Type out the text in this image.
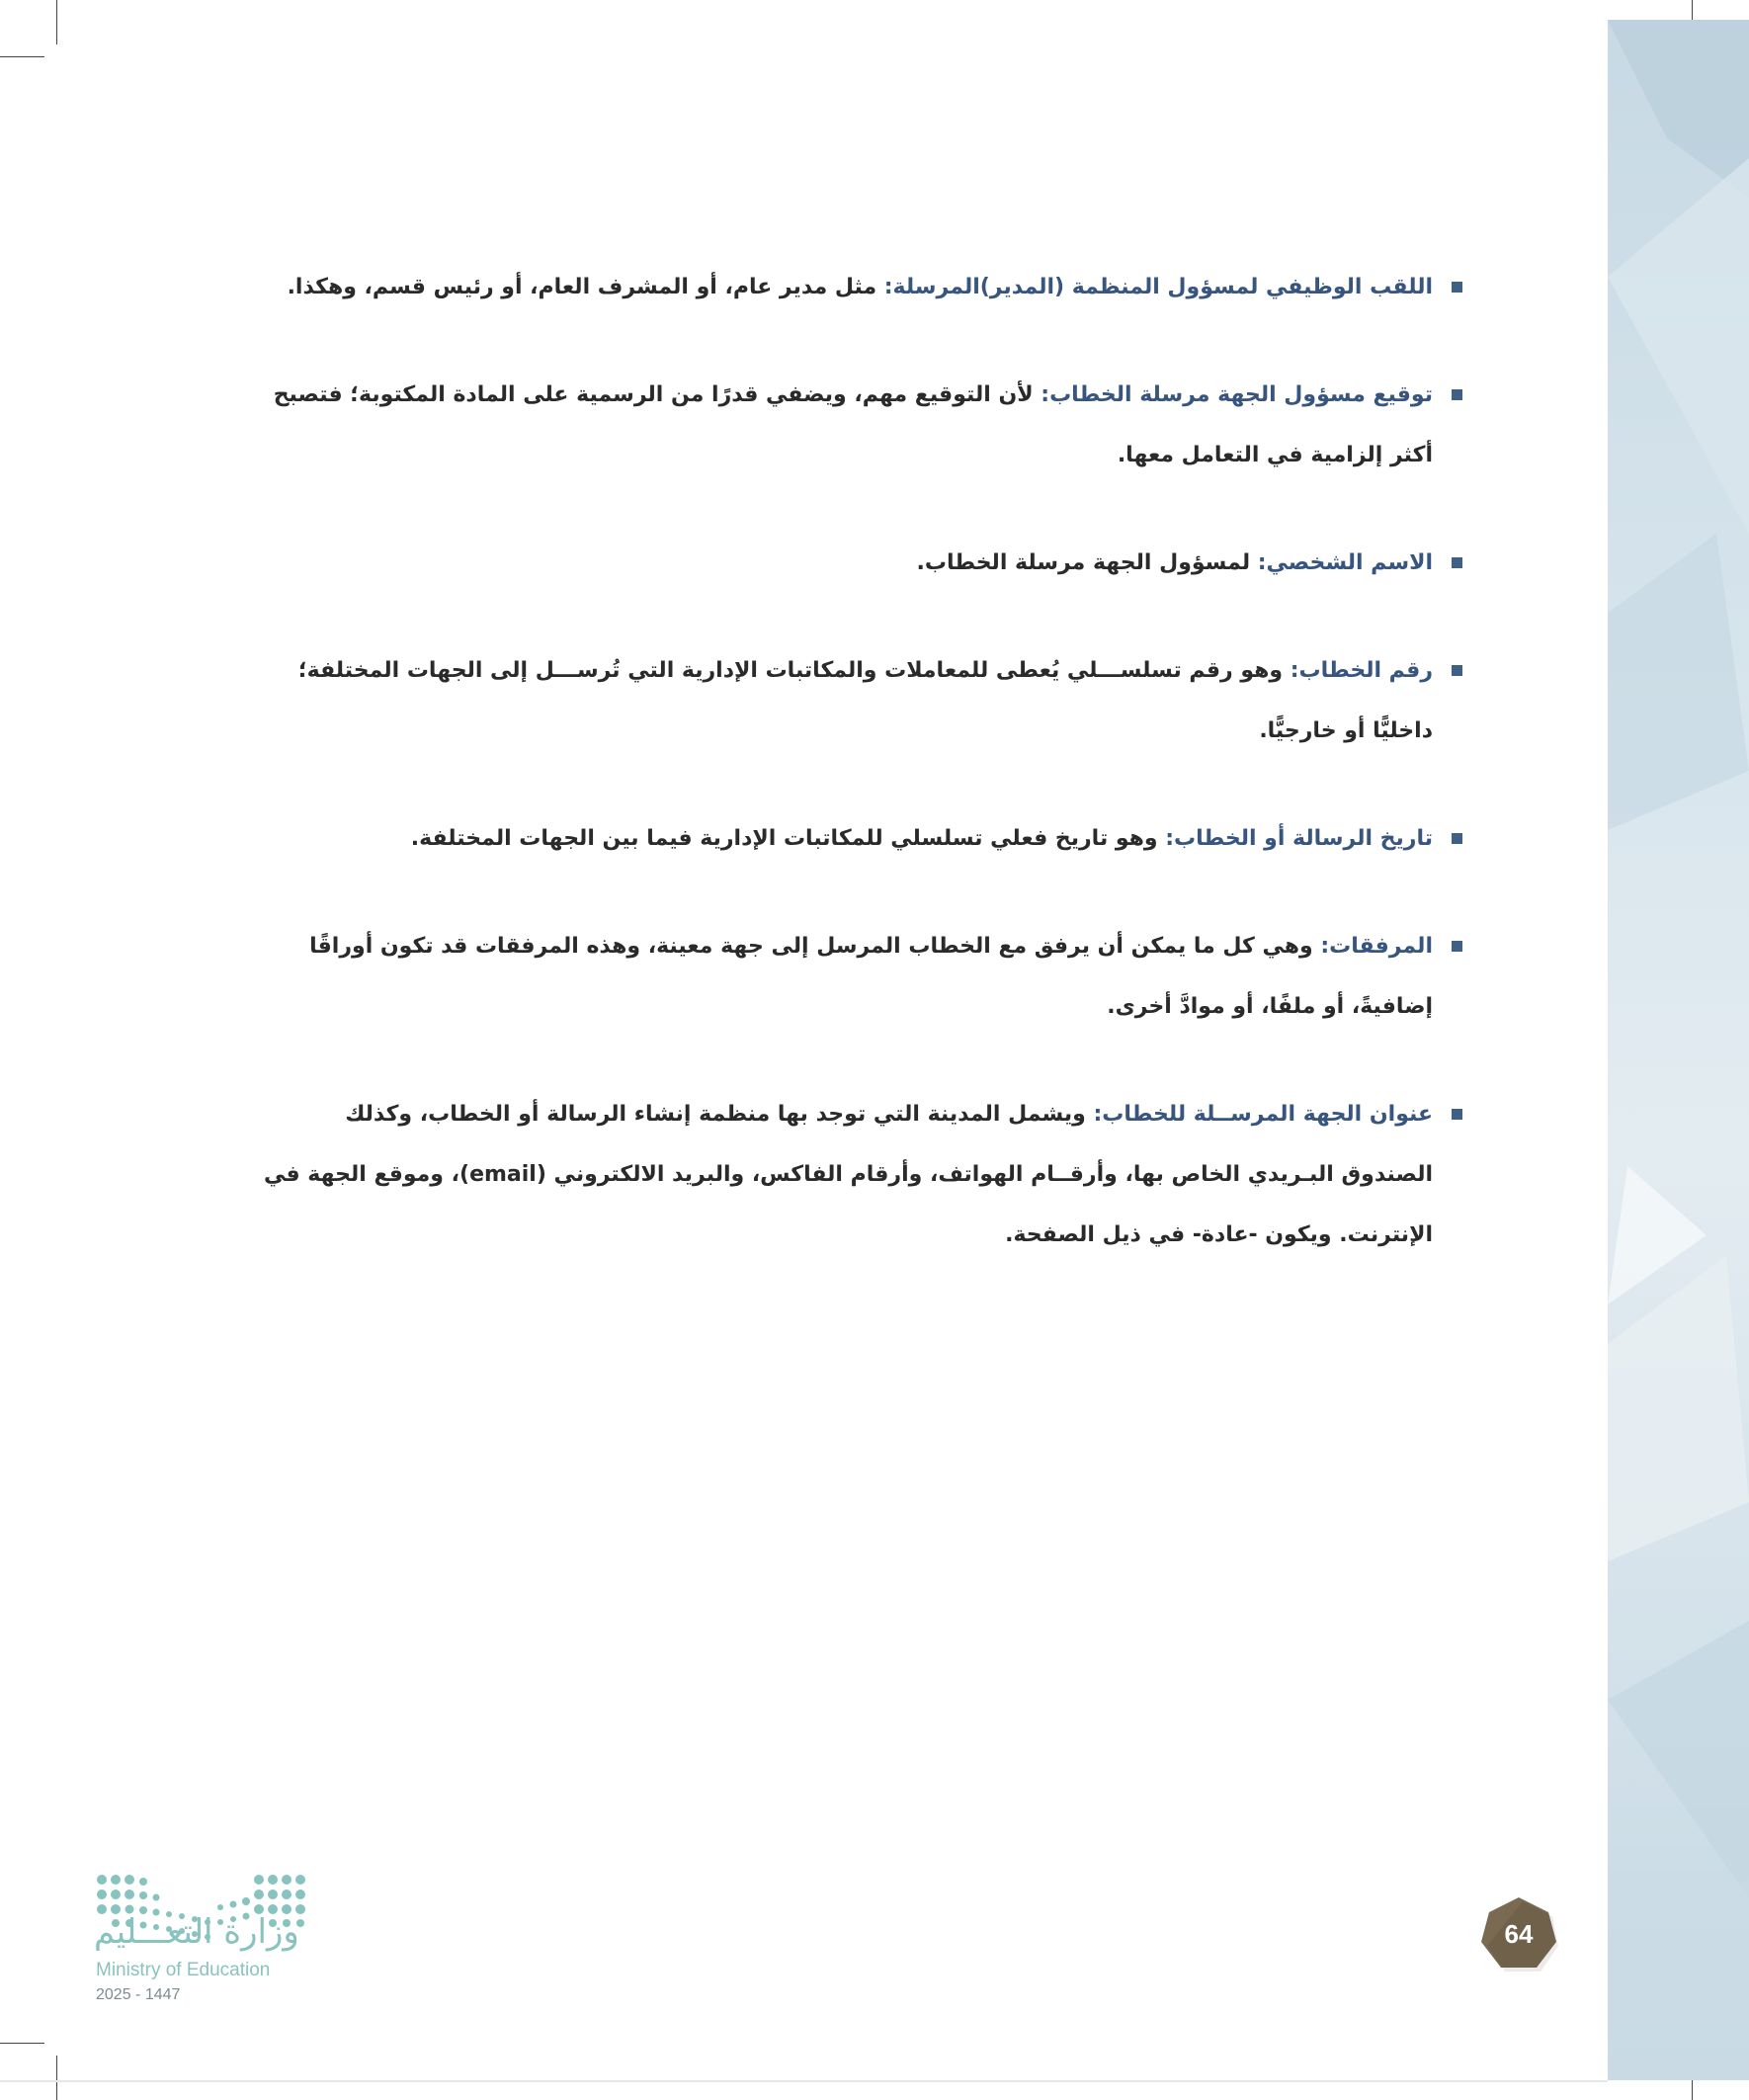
اللقب الوظيفي لمسؤول المنظمة (المدير)المرسلة: مثل مدير عام، أو المشرف العام، أو رئيس قسم، وهكذا.
توقيع مسؤول الجهة مرسلة الخطاب: لأن التوقيع مهم، ويضفي قدرًا من الرسمية على المادة المكتوبة؛ فتصبح أكثر إلزامية في التعامل معها.
الاسم الشخصي: لمسؤول الجهة مرسلة الخطاب.
رقم الخطاب: وهو رقم تسلســـلي يُعطى للمعاملات والمكاتبات الإدارية التي تُرســـل إلى الجهات المختلفة؛ داخليًّا أو خارجيًّا.
تاريخ الرسالة أو الخطاب: وهو تاريخ فعلي تسلسلي للمكاتبات الإدارية فيما بين الجهات المختلفة.
المرفقات: وهي كل ما يمكن أن يرفق مع الخطاب المرسل إلى جهة معينة، وهذه المرفقات قد تكون أوراقًا إضافيةً، أو ملفًا، أو موادَّ أخرى.
عنوان الجهة المرســلة للخطاب: ويشمل المدينة التي توجد بها منظمة إنشاء الرسالة أو الخطاب، وكذلك الصندوق البـريدي الخاص بها، وأرقــام الهواتف، وأرقام الفاكس، والبريد الالكتروني (email)، وموقع الجهة في الإنترنت. ويكون -عادة- في ذيل الصفحة.
وزارة التعـــليم
Ministry of Education
2025 - 1447
64
